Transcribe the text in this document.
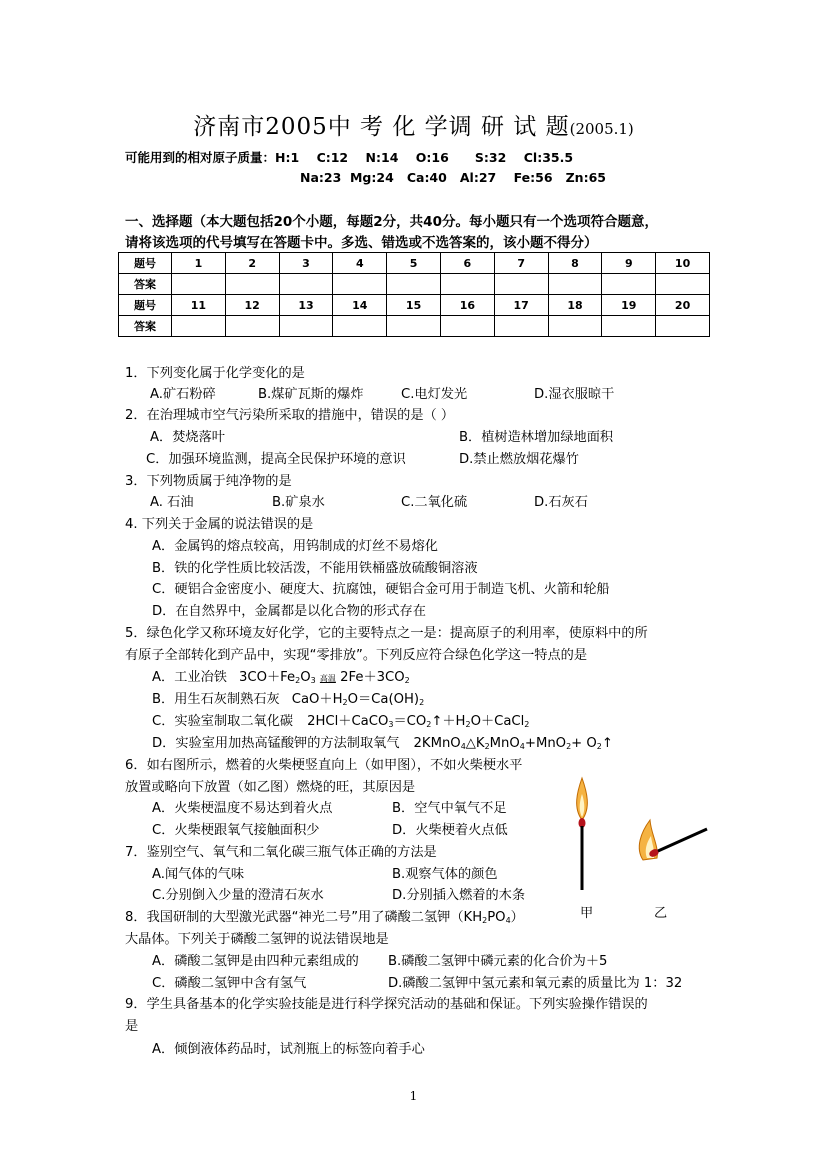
济南市2005中 考 化 学调 研 试 题(2005.1)
可能用到的相对原子质量：H:1    C:12    N:14    O:16      S:32    Cl:35.5
Na:23  Mg:24   Ca:40   Al:27    Fe:56   Zn:65
一、选择题（本大题包括20个小题，每题2分，共40分。每小题只有一个选项符合题意，
请将该选项的代号填写在答题卡中。多选、错选或不选答案的，该小题不得分）
题号	1	2	3	4	5	6	7	8	9	10
答案										
题号	11	12	13	14	15	16	17	18	19	20
答案										
1．下列变化属于化学变化的是
A.矿石粉碎	B.煤矿瓦斯的爆炸	C.电灯发光	D.湿衣服晾干
2．在治理城市空气污染所采取的措施中，错误的是（ ）
A．焚烧落叶	B．植树造林增加绿地面积
C．加强环境监测，提高全民保护环境的意识	D.禁止燃放烟花爆竹
3．下列物质属于纯净物的是
A. 石油	B.矿泉水	C.二氧化硫	D.石灰石
4. 下列关于金属的说法错误的是
A．金属钨的熔点较高，用钨制成的灯丝不易熔化
B．铁的化学性质比较活泼，不能用铁桶盛放硫酸铜溶液
C．硬铝合金密度小、硬度大、抗腐蚀，硬铝合金可用于制造飞机、火箭和轮船
D．在自然界中，金属都是以化合物的形式存在
5．绿色化学又称环境友好化学，它的主要特点之一是：提高原子的利用率，使原料中的所
有原子全部转化到产品中，实现“零排放”。下列反应符合绿色化学这一特点的是
A．工业冶铁 $3CO+Fe_2O_3$ 高温 $2Fe+3CO_2$
B．用生石灰制熟石灰 $CaO+H_2O=Ca(OH)_2$
C．实验室制取二氧化碳 $2HCl+CaCO_3=CO_2↑+H_2O+CaCl_2$
D．实验室用加热高锰酸钾的方法制取氧气 $2KMnO_4\triangle K_2MnO_4+MnO_2+$ $O_2↑$
6．如右图所示，燃着的火柴梗竖直向上（如甲图），不如火柴梗水平
放置或略向下放置（如乙图）燃烧的旺，其原因是
A．火柴梗温度不易达到着火点	B．空气中氧气不足
C．火柴梗跟氧气接触面积少	D．火柴梗着火点低
甲	乙
7．鉴别空气、氧气和二氧化碳三瓶气体正确的方法是
A.闻气体的气味	B.观察气体的颜色
C.分别倒入少量的澄清石灰水	D.分别插入燃着的木条
8．我国研制的大型激光武器“神光二号”用了磷酸二氢钾$(KH_2PO_4)$
大晶体。下列关于磷酸二氢钾的说法错误地是
A．磷酸二氢钾是由四种元素组成的 B.磷酸二氢钾中磷元素的化合价为＋5
C．磷酸二氢钾中含有氢气	D.磷酸二氢钾中氢元素和氧元素的质量比为 1：32
9．学生具备基本的化学实验技能是进行科学探究活动的基础和保证。下列实验操作错误的
是
A．倾倒液体药品时，试剂瓶上的标签向着手心
1
